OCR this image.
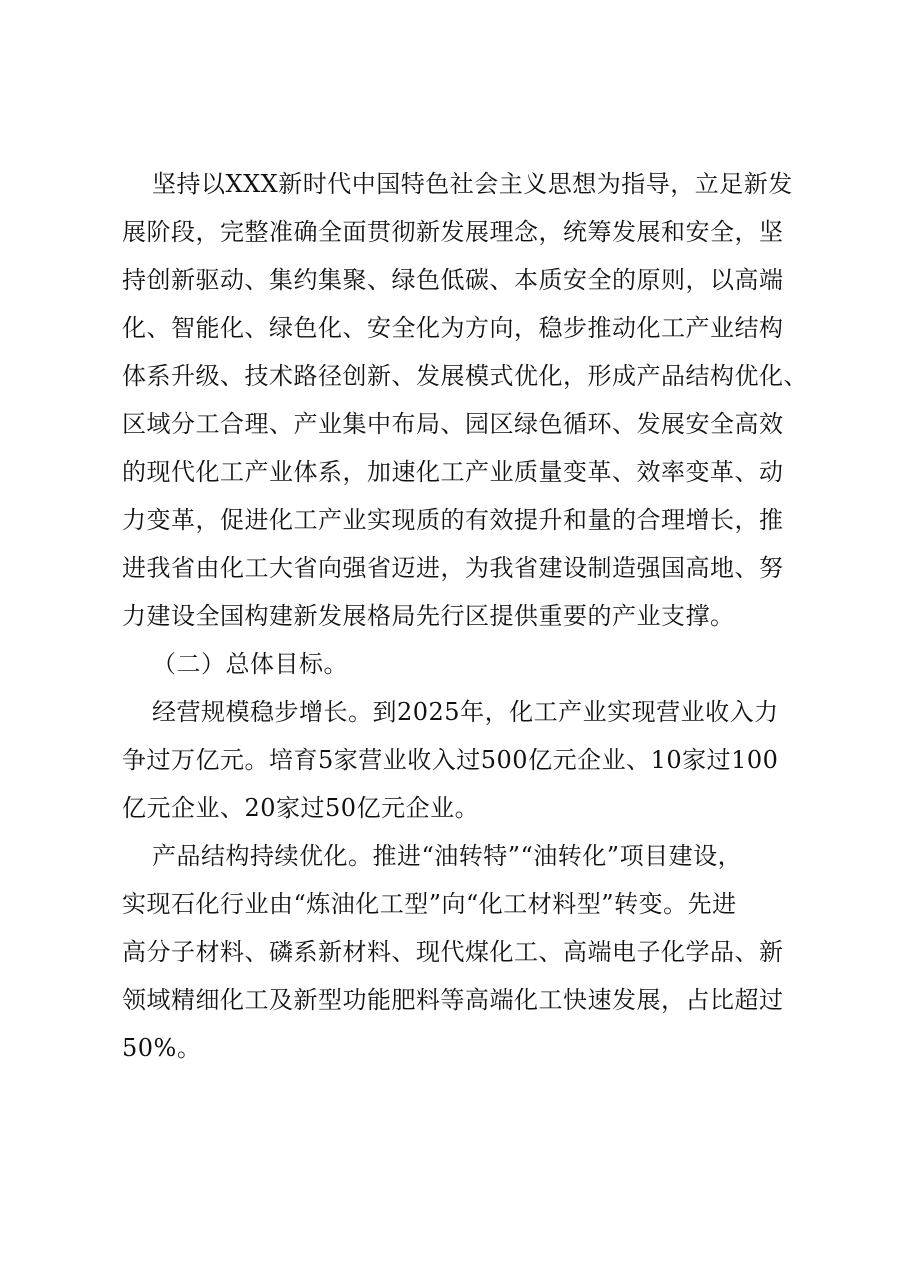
坚持以XXX新时代中国特色社会主义思想为指导，立足新发
展阶段，完整准确全面贯彻新发展理念，统筹发展和安全，坚
持创新驱动、集约集聚、绿色低碳、本质安全的原则，以高端
化、智能化、绿色化、安全化为方向，稳步推动化工产业结构
体系升级、技术路径创新、发展模式优化，形成产品结构优化、
区域分工合理、产业集中布局、园区绿色循环、发展安全高效
的现代化工产业体系，加速化工产业质量变革、效率变革、动
力变革，促进化工产业实现质的有效提升和量的合理增长，推
进我省由化工大省向强省迈进，为我省建设制造强国高地、努
力建设全国构建新发展格局先行区提供重要的产业支撑。
（二）总体目标。
经营规模稳步增长。到2025年，化工产业实现营业收入力
争过万亿元。培育5家营业收入过500亿元企业、10家过100
亿元企业、20家过50亿元企业。
产品结构持续优化。推进“油转特”“油转化”项目建设，
实现石化行业由“炼油化工型”向“化工材料型”转变。先进
高分子材料、磷系新材料、现代煤化工、高端电子化学品、新
领域精细化工及新型功能肥料等高端化工快速发展，占比超过
50%。
